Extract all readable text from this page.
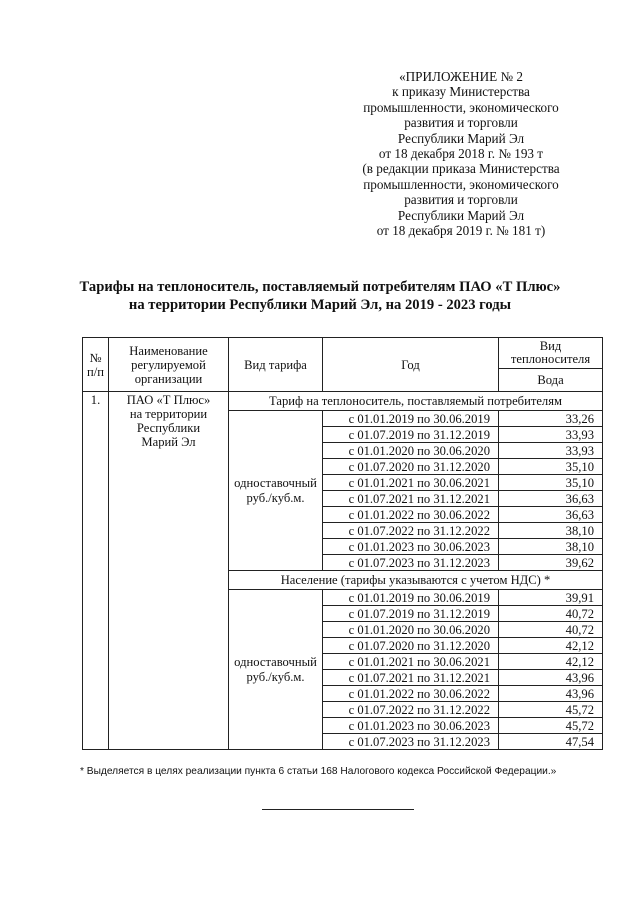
«ПРИЛОЖЕНИЕ № 2
к приказу Министерства
промышленности, экономического
развития и торговли
Республики Марий Эл
от 18 декабря 2018 г. № 193 т
(в редакции приказа Министерства
промышленности, экономического
развития и торговли
Республики Марий Эл
от 18 декабря 2019 г. № 181 т)
Тарифы на теплоноситель, поставляемый потребителям ПАО «Т Плюс»
на территории Республики Марий Эл, на 2019 - 2023 годы
№
п/п	Наименование
регулируемой
организации	Вид тарифа	Год	Вид
теплоносителя
				Вода
1.	ПАО «Т Плюс»
на территории
Республики
Марий Эл	Тариф на теплоноситель, поставляемый потребителям		
		одноставочный
руб./куб.м.	с 01.01.2019 по 30.06.2019	33,26
			с 01.07.2019 по 31.12.2019	33,93
			с 01.01.2020 по 30.06.2020	33,93
			с 01.07.2020 по 31.12.2020	35,10
			с 01.01.2021 по 30.06.2021	35,10
			с 01.07.2021 по 31.12.2021	36,63
			с 01.01.2022 по 30.06.2022	36,63
			с 01.07.2022 по 31.12.2022	38,10
			с 01.01.2023 по 30.06.2023	38,10
			с 01.07.2023 по 31.12.2023	39,62
		Население (тарифы указываются с учетом НДС) *		
		одноставочный
руб./куб.м.	с 01.01.2019 по 30.06.2019	39,91
			с 01.07.2019 по 31.12.2019	40,72
			с 01.01.2020 по 30.06.2020	40,72
			с 01.07.2020 по 31.12.2020	42,12
			с 01.01.2021 по 30.06.2021	42,12
			с 01.07.2021 по 31.12.2021	43,96
			с 01.01.2022 по 30.06.2022	43,96
			с 01.07.2022 по 31.12.2022	45,72
			с 01.01.2023 по 30.06.2023	45,72
			с 01.07.2023 по 31.12.2023	47,54
* Выделяется в целях реализации пункта 6 статьи 168 Налогового кодекса Российской Федерации.»
